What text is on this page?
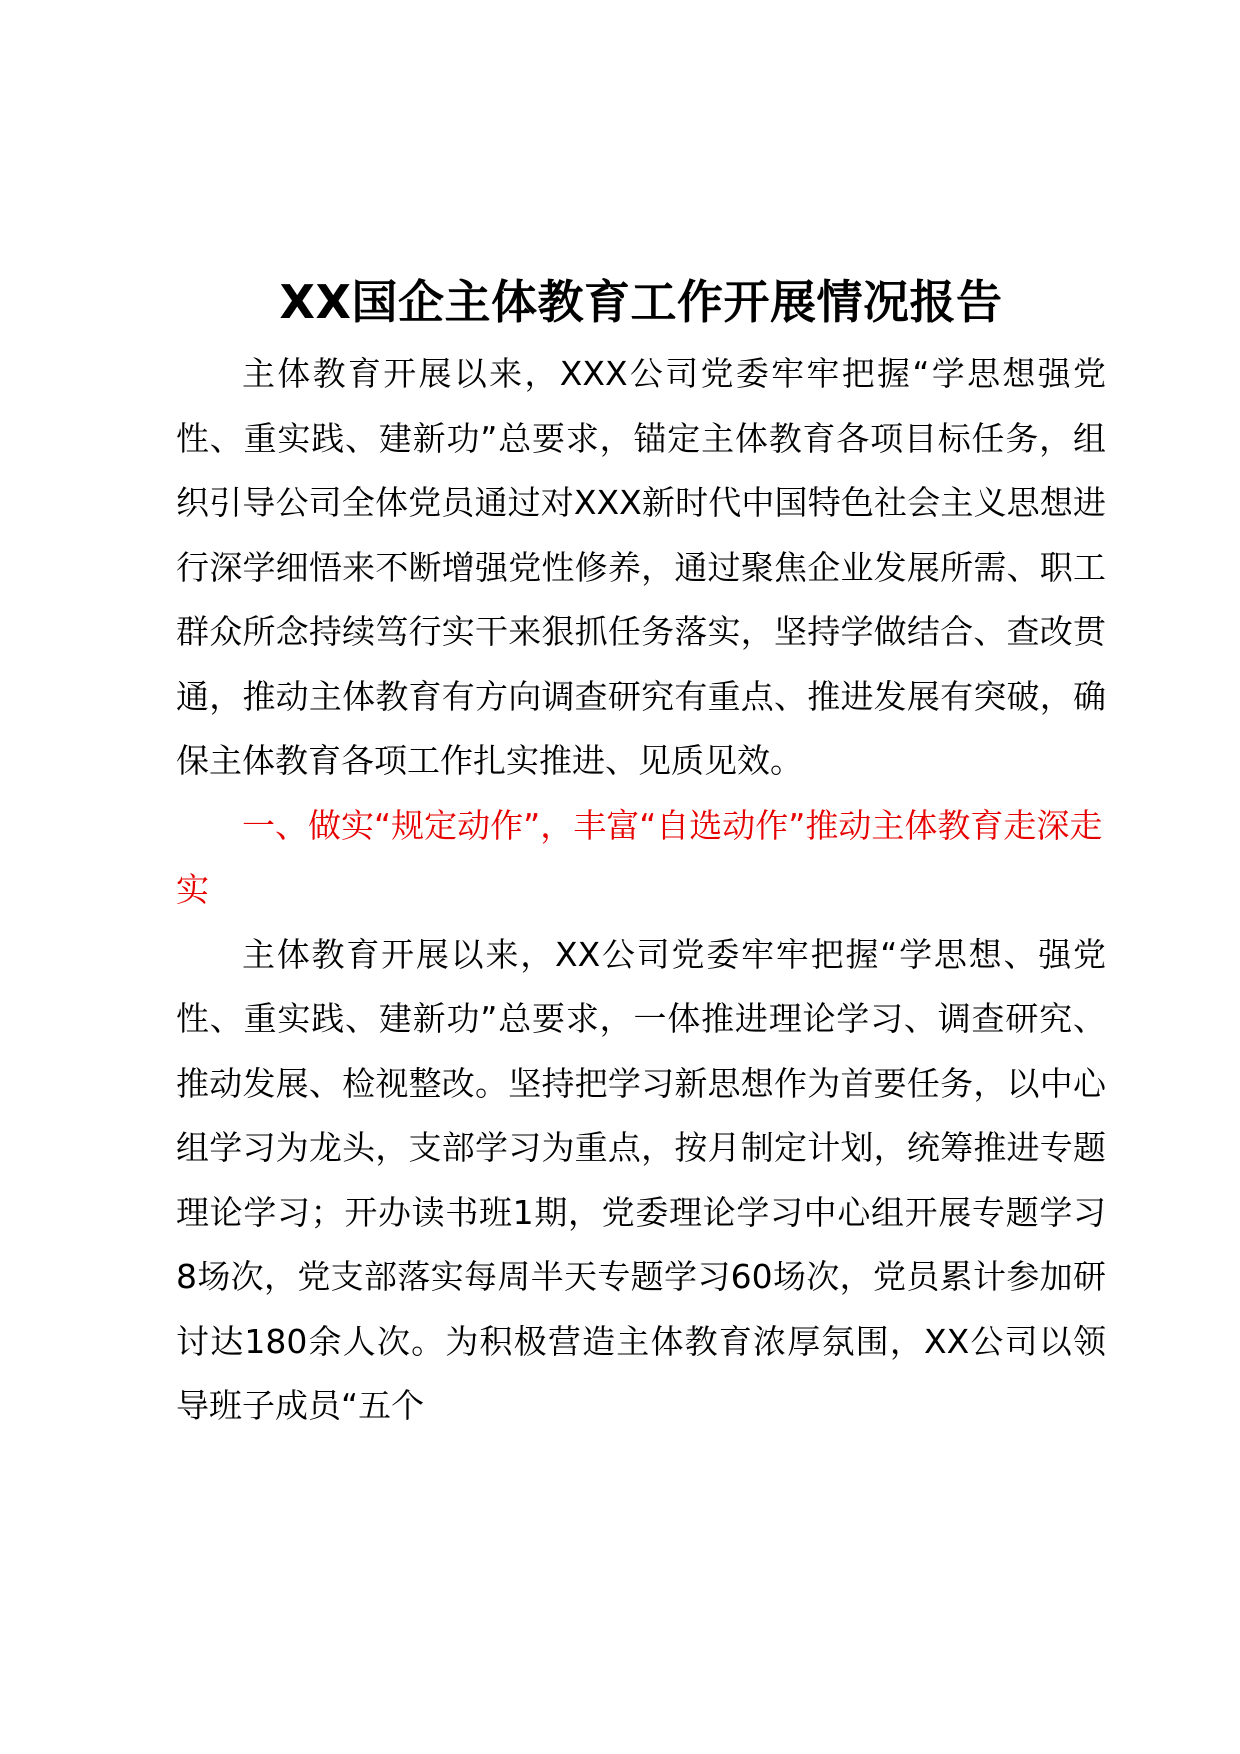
XX国企主体教育工作开展情况报告

主体教育开展以来，XXX公司党委牢牢把握“学思想强党性、重实践、建新功”总要求，锚定主体教育各项目标任务，组织引导公司全体党员通过对XXX新时代中国特色社会主义思想进行深学细悟来不断增强党性修养，通过聚焦企业发展所需、职工群众所念持续笃行实干来狠抓任务落实，坚持学做结合、查改贯通，推动主体教育有方向调查研究有重点、推进发展有突破，确保主体教育各项工作扎实推进、见质见效。

一、做实“规定动作”，丰富“自选动作”推动主体教育走深走实

主体教育开展以来，XX公司党委牢牢把握“学思想、强党性、重实践、建新功”总要求，一体推进理论学习、调查研究、推动发展、检视整改。坚持把学习新思想作为首要任务，以中心组学习为龙头，支部学习为重点，按月制定计划，统筹推进专题理论学习；开办读书班1期，党委理论学习中心组开展专题学习8场次，党支部落实每周半天专题学习60场次，党员累计参加研讨达180余人次。为积极营造主体教育浓厚氛围，XX公司以领导班子成员“五个
